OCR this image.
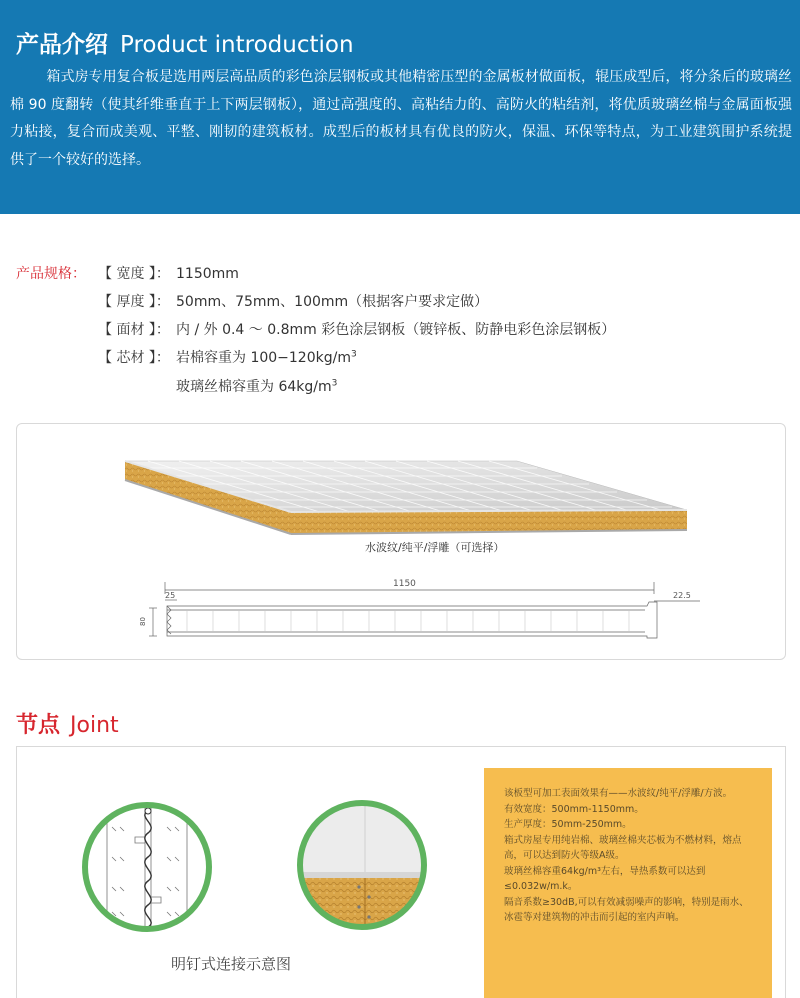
产品介绍 Product introduction

箱式房专用复合板是选用两层高品质的彩色涂层钢板或其他精密压型的金属板材做面板，辊压成型后，将分条后的玻璃丝棉 90 度翻转（使其纤维垂直于上下两层钢板），通过高强度的、高粘结力的、高防火的粘结剂，将优质玻璃丝棉与金属面板强力粘接，复合而成美观、平整、刚韧的建筑板材。成型后的板材具有优良的防火，保温、环保等特点，为工业建筑围护系统提供了一个较好的选择。

产品规格： 【 宽度 】： 1150mm
【 厚度 】： 50mm、75mm、100mm（根据客户要求定做）
【 面材 】： 内 / 外 0.4 ～ 0.8mm 彩色涂层钢板（镀锌板、防静电彩色涂层钢板）
【 芯材 】： 岩棉容重为 $100-120kg/m^3$
玻璃丝棉容重为 $64kg/m^3$
1150
25	22.5
80
水波纹/纯平/浮雕（可选择）
节点 Joint
明钉式连接示意图

该板型可加工表面效果有——水波纹/纯平/浮雕/方波。

有效宽度：500mm-1150mm。

生产厚度：50mm-250mm。

箱式房屋专用纯岩棉、玻璃丝棉夹芯板为不燃材料，熔点高，可以达到防火等级A级。

玻璃丝棉容重64kg/m³左右，导热系数可以达到≤0.032w/m.k。

隔音系数≥30dB,可以有效减弱噪声的影响，特别是雨水、冰雹等对建筑物的冲击而引起的室内声响。
